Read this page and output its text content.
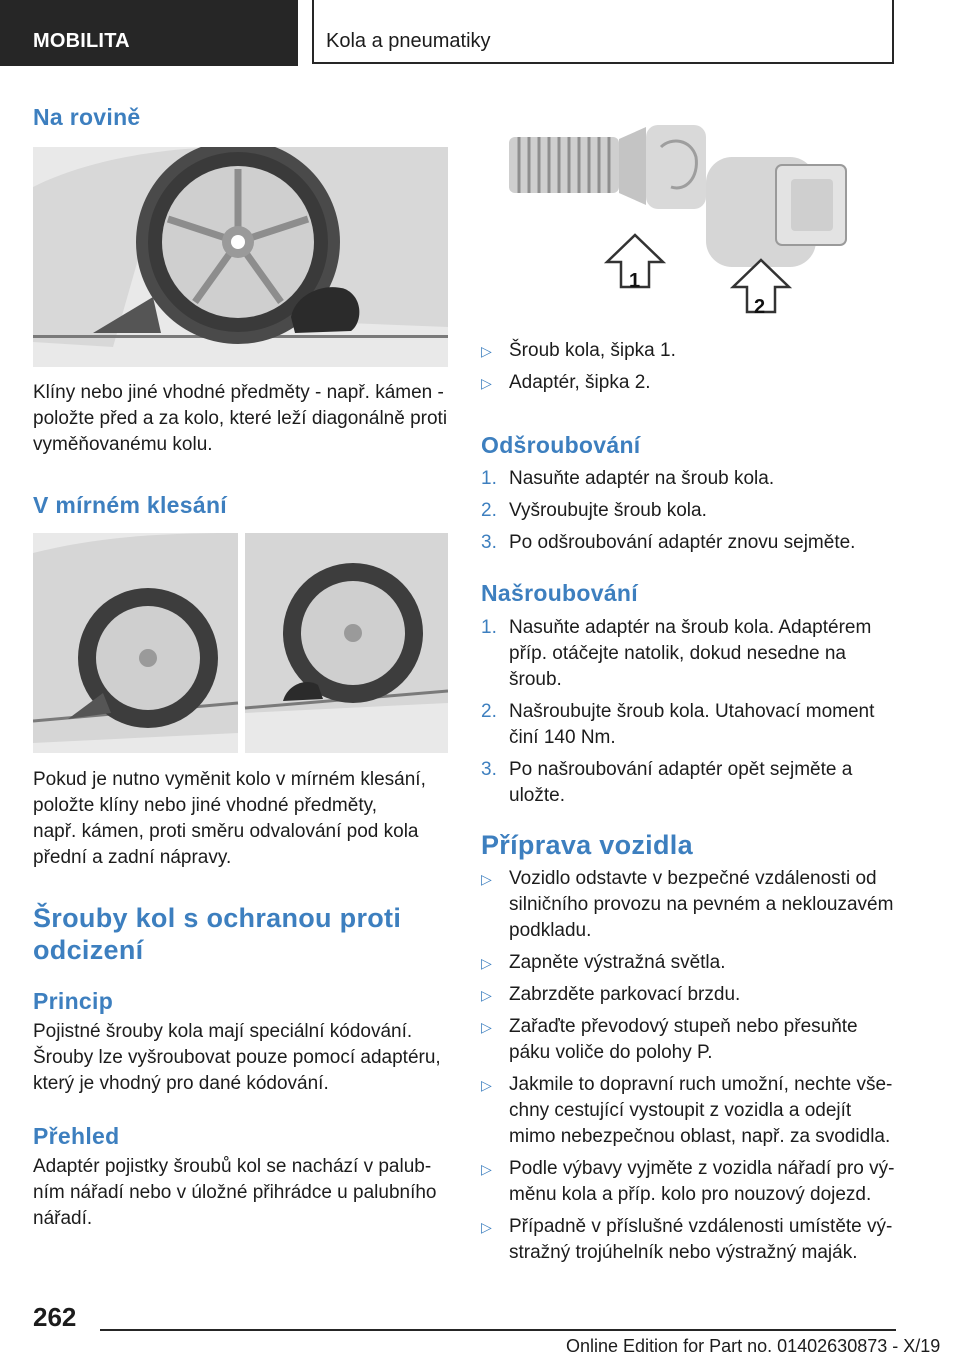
MOBILITA	Kola a pneumatiky
Na rovině

Klíny nebo jiné vhodné předměty - např. kámen -
položte před a za kolo, které leží diagonálně proti
vyměňovanému kolu.

V mírném klesání

Pokud je nutno vyměnit kolo v mírném klesání,
položte klíny nebo jiné vhodné předměty,
např. kámen, proti směru odvalování pod kola
přední a zadní nápravy.

Šrouby kol s ochranou proti
odcizení
Princip

Pojistné šrouby kola mají speciální kódování.
Šrouby lze vyšroubovat pouze pomocí adaptéru,
který je vhodný pro dané kódování.

Přehled

Adaptér pojistky šroubů kol se nachází v palub-
ním nářadí nebo v úložné přihrádce u palubního
nářadí.

1
2
▷ Šroub kola, šipka 1.
▷ Adaptér, šipka 2.
Odšroubování
1. Nasuňte adaptér na šroub kola.
2. Vyšroubujte šroub kola.
3. Po odšroubování adaptér znovu sejměte.
Našroubování
1. Nasuňte adaptér na šroub kola. Adaptérem
příp. otáčejte natolik, dokud nesedne na
šroub.
2. Našroubujte šroub kola. Utahovací moment
činí 140 Nm.
3. Po našroubování adaptér opět sejměte a
uložte.
Příprava vozidla
▷ Vozidlo odstavte v bezpečné vzdálenosti od
silničního provozu na pevném a neklouzavém
podkladu.
▷ Zapněte výstražná světla.
▷ Zabrzděte parkovací brzdu.
▷ Zařaďte převodový stupeň nebo přesuňte
páku voliče do polohy P.
▷ Jakmile to dopravní ruch umožní, nechte vše-
chny cestující vystoupit z vozidla a odejít
mimo nebezpečnou oblast, např. za svodidla.
▷ Podle výbavy vyjměte z vozidla nářadí pro vý-
měnu kola a příp. kolo pro nouzový dojezd.
▷ Případně v příslušné vzdálenosti umístěte vý-
stražný trojúhelník nebo výstražný maják.
262
Online Edition for Part no. 01402630873 - X/19
